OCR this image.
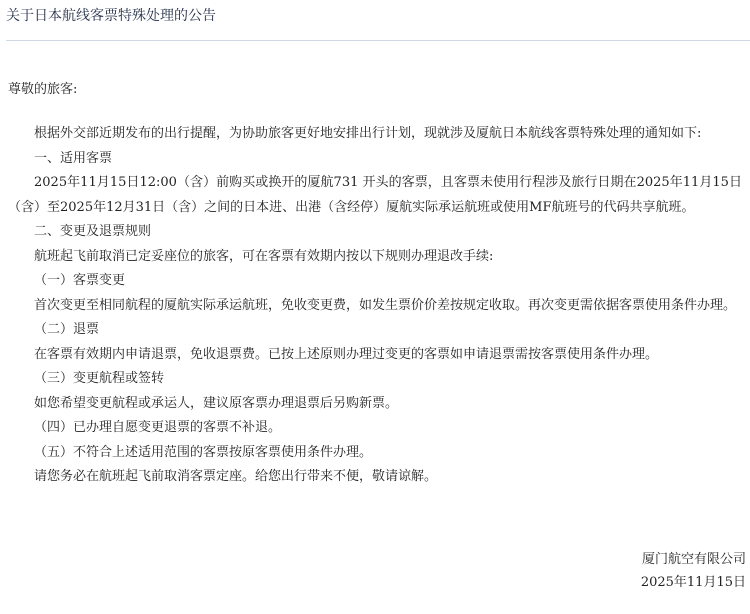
关于日本航线客票特殊处理的公告

尊敬的旅客:

根据外交部近期发布的出行提醒，为协助旅客更好地安排出行计划，现就涉及厦航日本航线客票特殊处理的通知如下:

一、适用客票

2025年11月15日12:00（含）前购买或换开的厦航731 开头的客票，且客票未使用行程涉及旅行日期在2025年11月15日（含）至2025年12月31日（含）之间的日本进、出港（含经停）厦航实际承运航班或使用MF航班号的代码共享航班。

二、变更及退票规则

航班起飞前取消已定妥座位的旅客，可在客票有效期内按以下规则办理退改手续:

（一）客票变更

首次变更至相同航程的厦航实际承运航班，免收变更费，如发生票价价差按规定收取。再次变更需依据客票使用条件办理。

（二）退票

在客票有效期内申请退票，免收退票费。已按上述原则办理过变更的客票如申请退票需按客票使用条件办理。

（三）变更航程或签转

如您希望变更航程或承运人，建议原客票办理退票后另购新票。

（四）已办理自愿变更退票的客票不补退。

（五）不符合上述适用范围的客票按原客票使用条件办理。

请您务必在航班起飞前取消客票定座。给您出行带来不便，敬请谅解。

厦门航空有限公司
2025年11月15日
